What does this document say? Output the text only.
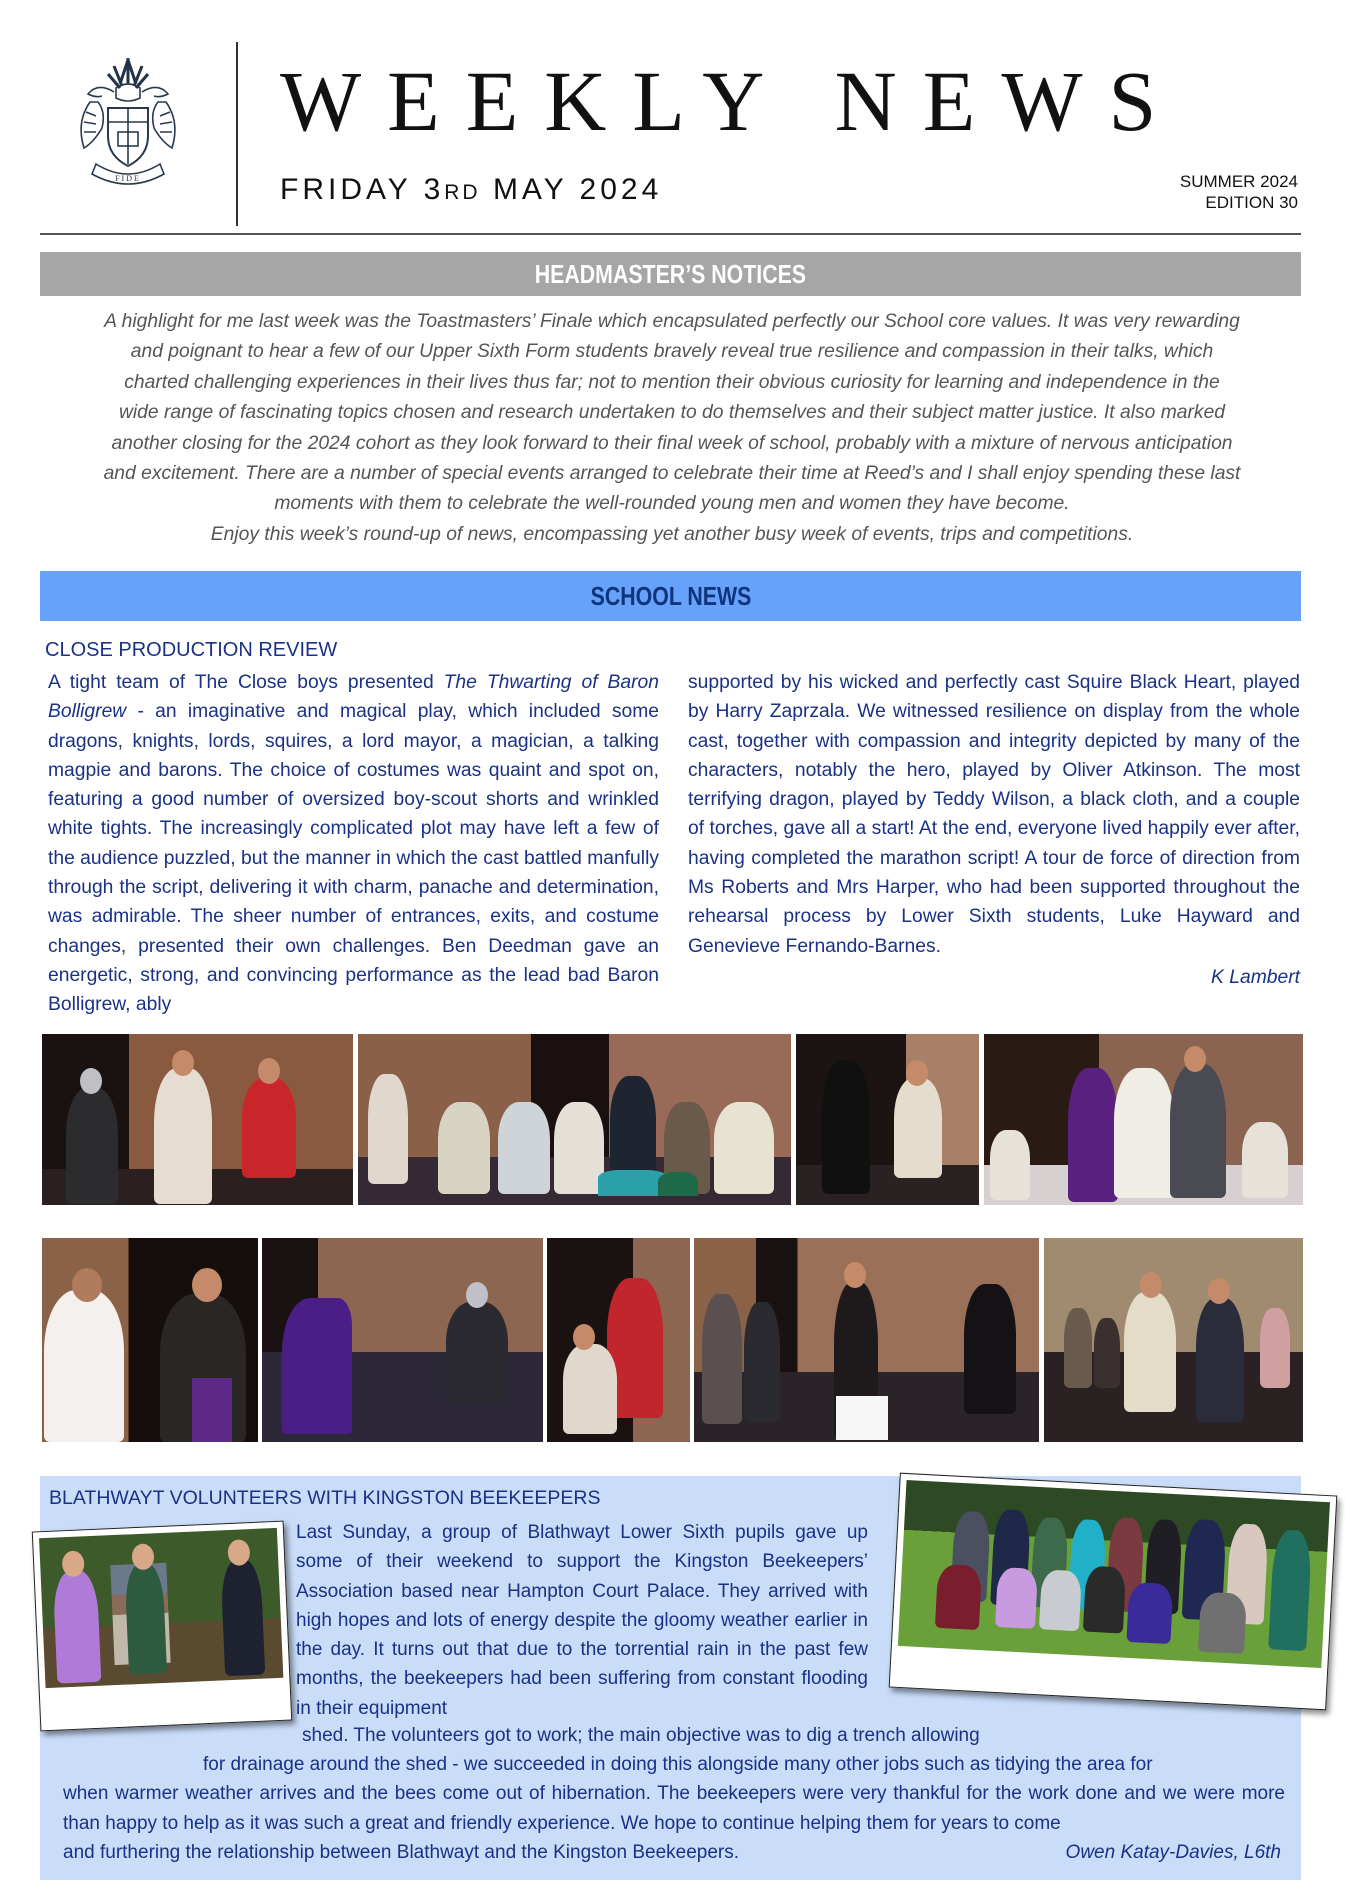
FIDE
WEEKLY NEWS
FRIDAY 3RD MAY 2024	SUMMER 2024
EDITION 30
HEADMASTER’S NOTICES

A highlight for me last week was the Toastmasters’ Finale which encapsulated perfectly our School core values. It was very rewarding

and poignant to hear a few of our Upper Sixth Form students bravely reveal true resilience and compassion in their talks, which

charted challenging experiences in their lives thus far; not to mention their obvious curiosity for learning and independence in the

wide range of fascinating topics chosen and research undertaken to do themselves and their subject matter justice. It also marked

another closing for the 2024 cohort as they look forward to their final week of school, probably with a mixture of nervous anticipation

and excitement. There are a number of special events arranged to celebrate their time at Reed’s and I shall enjoy spending these last

moments with them to celebrate the well-rounded young men and women they have become.

Enjoy this week’s round-up of news, encompassing yet another busy week of events, trips and competitions.

SCHOOL NEWS
CLOSE PRODUCTION REVIEW
A tight team of The Close boys presented The Thwarting of Baron Bolligrew - an imaginative and magical play, which included some dragons, knights, lords, squires, a lord mayor, a magician, a talking magpie and barons. The choice of costumes was quaint and spot on, featuring a good number of oversized boy-scout shorts and wrinkled white tights. The increasingly complicated plot may have left a few of the audience puzzled, but the manner in which the cast battled manfully through the script, delivering it with charm, panache and determination, was admirable. The sheer number of entrances, exits, and costume changes, presented their own challenges. Ben Deedman gave an energetic, strong, and convincing performance as the lead bad Baron Bolligrew, ably
supported by his wicked and perfectly cast Squire Black Heart, played by Harry Zaprzala. We witnessed resilience on display from the whole cast, together with compassion and integrity depicted by many of the characters, notably the hero, played by Oliver Atkinson. The most terrifying dragon, played by Teddy Wilson, a black cloth, and a couple of torches, gave all a start! At the end, everyone lived happily ever after, having completed the marathon script! A tour de force of direction from Ms Roberts and Mrs Harper, who had been supported throughout the rehearsal process by Lower Sixth students, Luke Hayward and Genevieve Fernando-Barnes.
K Lambert
BLATHWAYT VOLUNTEERS WITH KINGSTON BEEKEEPERS
Last Sunday, a group of Blathwayt Lower Sixth pupils gave up some of their weekend to support the Kingston Beekeepers’ Association based near Hampton Court Palace. They arrived with high hopes and lots of energy despite the gloomy weather earlier in the day. It turns out that due to the torrential rain in the past few months, the beekeepers had been suffering from constant flooding in their equipment
shed. The volunteers got to work; the main objective was to dig a trench allowing
for drainage around the shed - we succeeded in doing this alongside many other jobs such as tidying the area for
when warmer weather arrives and the bees come out of hibernation. The beekeepers were very thankful for the work done and we were more than happy to help as it was such a great and friendly experience. We hope to continue helping them for years to come
and furthering the relationship between Blathwayt and the Kingston Beekeepers.	Owen Katay-Davies, L6th
